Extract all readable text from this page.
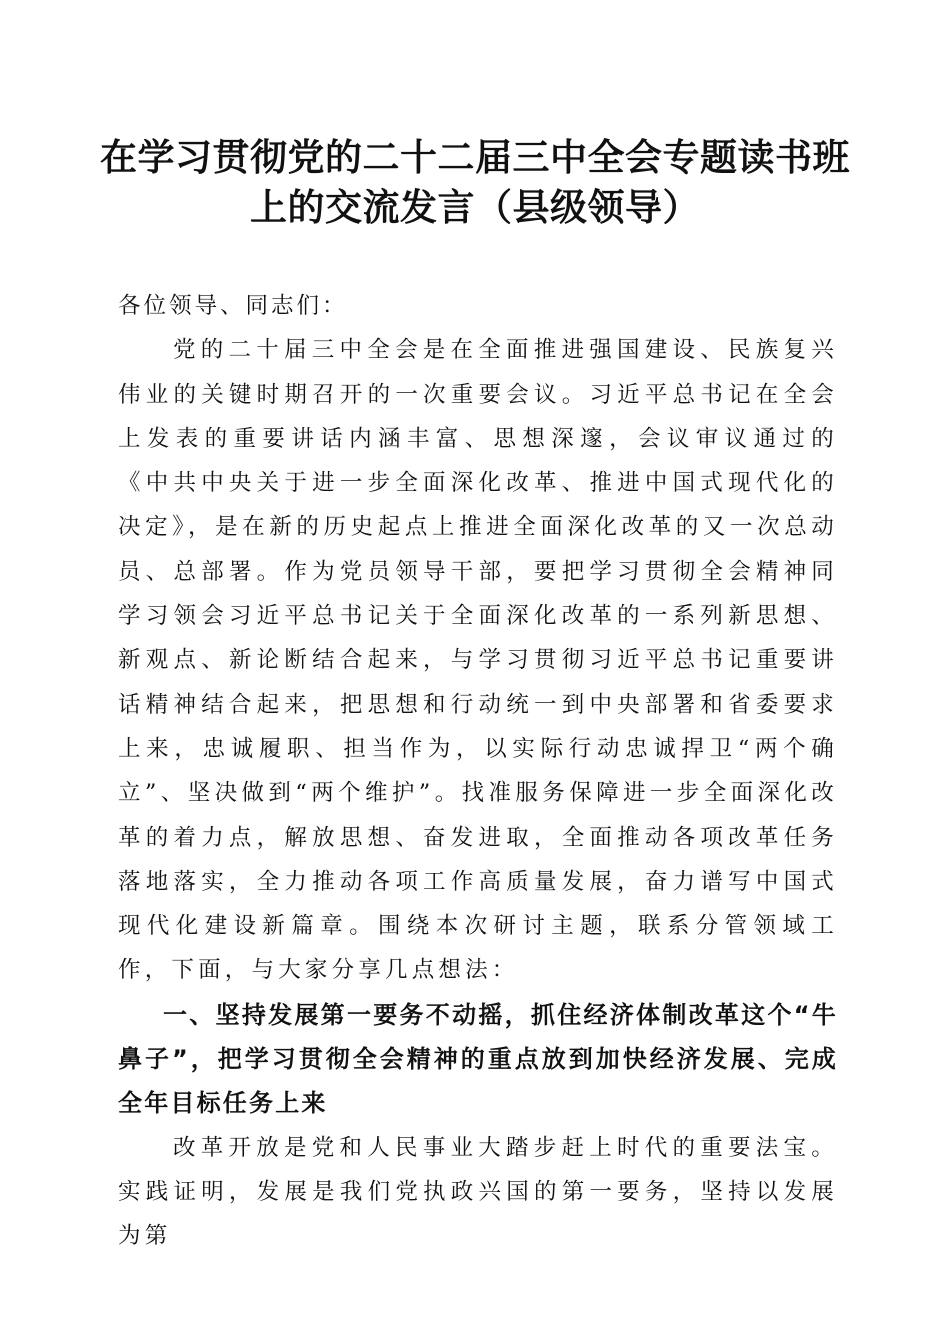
在学习贯彻党的二十二届三中全会专题读书班
上的交流发言（县级领导）

各位领导、同志们：

党的二十届三中全会是在全面推进强国建设、民族复兴伟业的关键时期召开的一次重要会议。习近平总书记在全会上发表的重要讲话内涵丰富、思想深邃，会议审议通过的《中共中央关于进一步全面深化改革、推进中国式现代化的决定》，是在新的历史起点上推进全面深化改革的又一次总动员、总部署。作为党员领导干部，要把学习贯彻全会精神同学习领会习近平总书记关于全面深化改革的一系列新思想、新观点、新论断结合起来，与学习贯彻习近平总书记重要讲话精神结合起来，把思想和行动统一到中央部署和省委要求上来，忠诚履职、担当作为，以实际行动忠诚捍卫“两个确立”、坚决做到“两个维护”。找准服务保障进一步全面深化改革的着力点，解放思想、奋发进取，全面推动各项改革任务落地落实，全力推动各项工作高质量发展，奋力谱写中国式现代化建设新篇章。围绕本次研讨主题，联系分管领域工作，下面，与大家分享几点想法：

一、坚持发展第一要务不动摇，抓住经济体制改革这个“牛鼻子”，把学习贯彻全会精神的重点放到加快经济发展、完成全年目标任务上来

改革开放是党和人民事业大踏步赶上时代的重要法宝。实践证明，发展是我们党执政兴国的第一要务，坚持以发展为第
